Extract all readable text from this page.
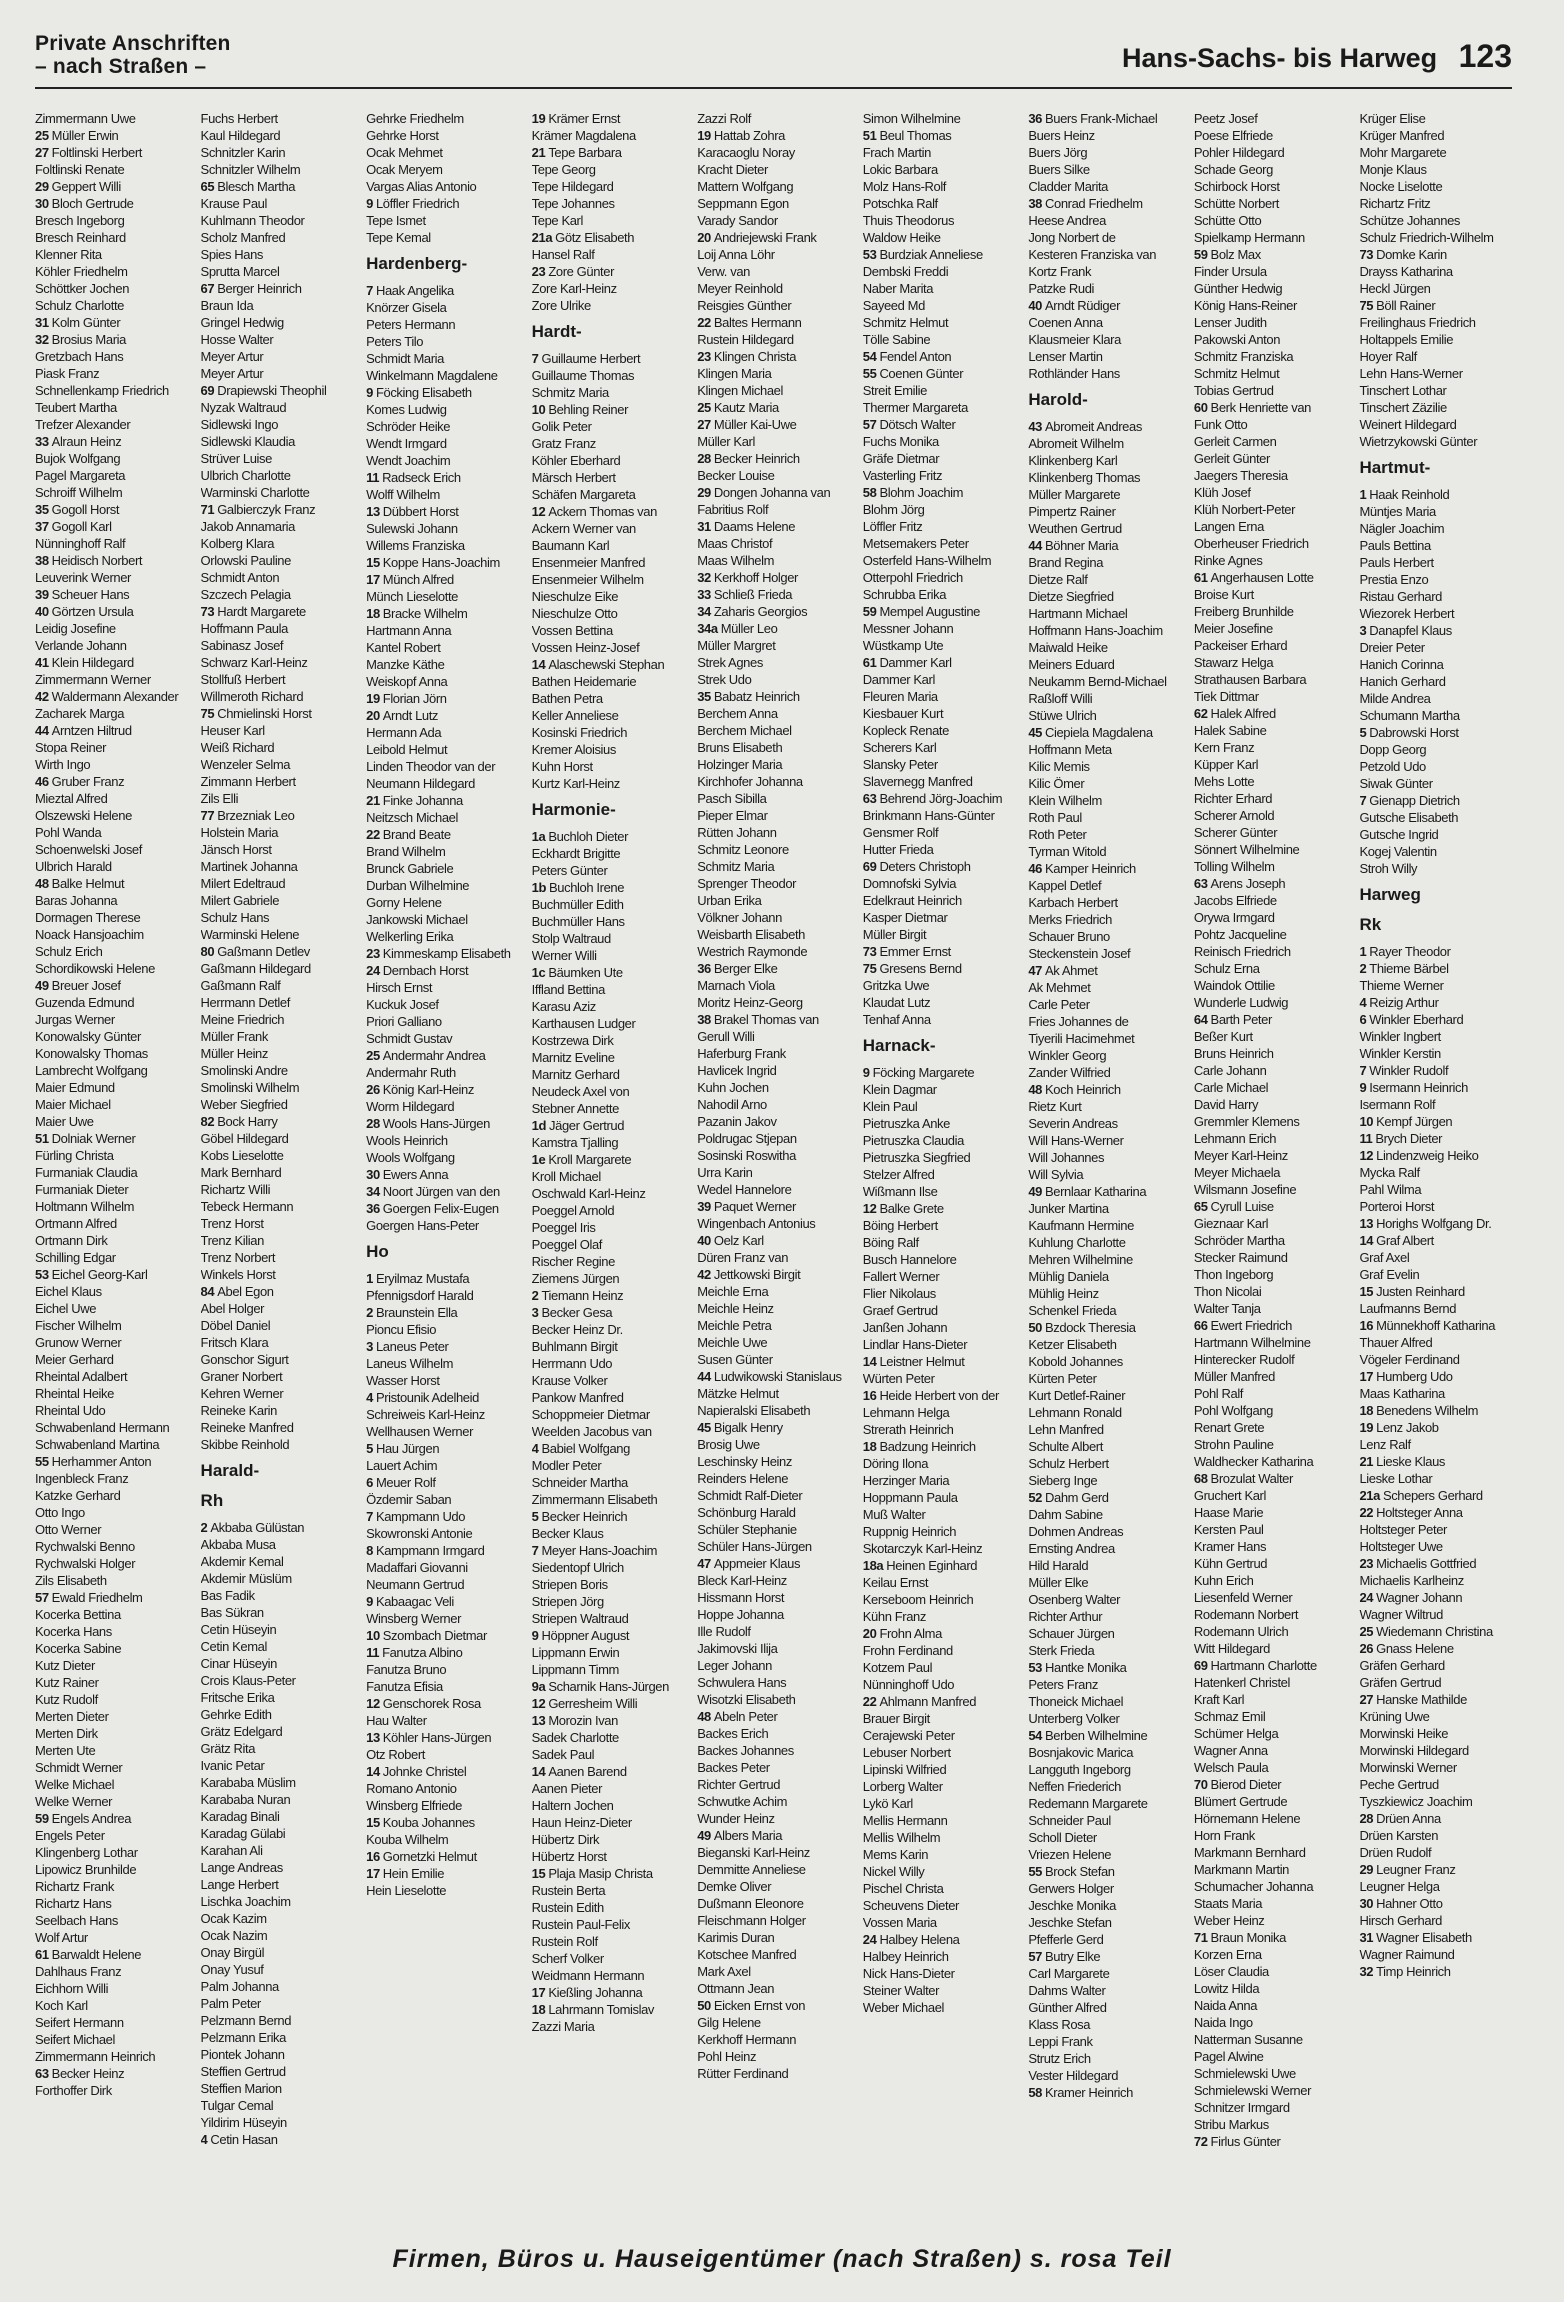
Private Anschriften
– nach Straßen –	Hans-Sachs- bis Harweg 123
Zimmermann Uwe
25 Müller Erwin
27 Foltlinski Herbert
Foltlinski Renate
29 Geppert Willi
30 Bloch Gertrude
Bresch Ingeborg
Bresch Reinhard
Klenner Rita
Köhler Friedhelm
Schöttker Jochen
Schulz Charlotte
31 Kolm Günter
32 Brosius Maria
Gretzbach Hans
Piask Franz
Schnellenkamp Friedrich
Teubert Martha
Trefzer Alexander
33 Alraun Heinz
Bujok Wolfgang
Pagel Margareta
Schroiff Wilhelm
35 Gogoll Horst
37 Gogoll Karl
Nünninghoff Ralf
38 Heidisch Norbert
Leuverink Werner
39 Scheuer Hans
40 Görtzen Ursula
Leidig Josefine
Verlande Johann
41 Klein Hildegard
Zimmermann Werner
42 Waldermann Alexander
Zacharek Marga
44 Arntzen Hiltrud
Stopa Reiner
Wirth Ingo
46 Gruber Franz
Mieztal Alfred
Olszewski Helene
Pohl Wanda
Schoenwelski Josef
Ulbrich Harald
48 Balke Helmut
Baras Johanna
Dormagen Therese
Noack Hansjoachim
Schulz Erich
Schordikowski Helene
49 Breuer Josef
Guzenda Edmund
Jurgas Werner
Konowalsky Günter
Konowalsky Thomas
Lambrecht Wolfgang
Maier Edmund
Maier Michael
Maier Uwe
51 Dolniak Werner
Fürling Christa
Furmaniak Claudia
Furmaniak Dieter
Holtmann Wilhelm
Ortmann Alfred
Ortmann Dirk
Schilling Edgar
53 Eichel Georg-Karl
Eichel Klaus
Eichel Uwe
Fischer Wilhelm
Grunow Werner
Meier Gerhard
Rheintal Adalbert
Rheintal Heike
Rheintal Udo
Schwabenland Hermann
Schwabenland Martina
55 Herhammer Anton
Ingenbleck Franz
Katzke Gerhard
Otto Ingo
Otto Werner
Rychwalski Benno
Rychwalski Holger
Zils Elisabeth
57 Ewald Friedhelm
Kocerka Bettina
Kocerka Hans
Kocerka Sabine
Kutz Dieter
Kutz Rainer
Kutz Rudolf
Merten Dieter
Merten Dirk
Merten Ute
Schmidt Werner
Welke Michael
Welke Werner
59 Engels Andrea
Engels Peter
Klingenberg Lothar
Lipowicz Brunhilde
Richartz Frank
Richartz Hans
Seelbach Hans
Wolf Artur
61 Barwaldt Helene
Dahlhaus Franz
Eichhorn Willi
Koch Karl
Seifert Hermann
Seifert Michael
Zimmermann Heinrich
63 Becker Heinz
Forthoffer Dirk
Fuchs Herbert
Kaul Hildegard
Schnitzler Karin
Schnitzler Wilhelm
65 Blesch Martha
Krause Paul
Kuhlmann Theodor
Scholz Manfred
Spies Hans
Sprutta Marcel
67 Berger Heinrich
Braun Ida
Gringel Hedwig
Hosse Walter
Meyer Artur
Meyer Artur
69 Drapiewski Theophil
Nyzak Waltraud
Sidlewski Ingo
Sidlewski Klaudia
Strüver Luise
Ulbrich Charlotte
Warminski Charlotte
71 Galbierczyk Franz
Jakob Annamaria
Kolberg Klara
Orlowski Pauline
Schmidt Anton
Szczech Pelagia
73 Hardt Margarete
Hoffmann Paula
Sabinasz Josef
Schwarz Karl-Heinz
Stollfuß Herbert
Willmeroth Richard
75 Chmielinski Horst
Heuser Karl
Weiß Richard
Wenzeler Selma
Zimmann Herbert
Zils Elli
77 Brzezniak Leo
Holstein Maria
Jänsch Horst
Martinek Johanna
Milert Edeltraud
Milert Gabriele
Schulz Hans
Warminski Helene
80 Gaßmann Detlev
Gaßmann Hildegard
Gaßmann Ralf
Herrmann Detlef
Meine Friedrich
Müller Frank
Müller Heinz
Smolinski Andre
Smolinski Wilhelm
Weber Siegfried
82 Bock Harry
Göbel Hildegard
Kobs Lieselotte
Mark Bernhard
Richartz Willi
Tebeck Hermann
Trenz Horst
Trenz Kilian
Trenz Norbert
Winkels Horst
84 Abel Egon
Abel Holger
Döbel Daniel
Fritsch Klara
Gonschor Sigurt
Graner Norbert
Kehren Werner
Reineke Karin
Reineke Manfred
Skibbe Reinhold
Harald-
Rh
2 Akbaba Gülüstan
Akbaba Musa
Akdemir Kemal
Akdemir Müslüm
Bas Fadik
Bas Sükran
Cetin Hüseyin
Cetin Kemal
Cinar Hüseyin
Crois Klaus-Peter
Fritsche Erika
Gehrke Edith
Grätz Edelgard
Grätz Rita
Ivanic Petar
Karababa Müslim
Karababa Nuran
Karadag Binali
Karadag Gülabi
Karahan Ali
Lange Andreas
Lange Herbert
Lischka Joachim
Ocak Kazim
Ocak Nazim
Onay Birgül
Onay Yusuf
Palm Johanna
Palm Peter
Pelzmann Bernd
Pelzmann Erika
Piontek Johann
Steffien Gertrud
Steffien Marion
Tulgar Cemal
Yildirim Hüseyin
4 Cetin Hasan
Gehrke Friedhelm
Gehrke Horst
Ocak Mehmet
Ocak Meryem
Vargas Alias Antonio
9 Löffler Friedrich
Tepe Ismet
Tepe Kemal
Hardenberg-
7 Haak Angelika
Knörzer Gisela
Peters Hermann
Peters Tilo
Schmidt Maria
Winkelmann Magdalene
9 Föcking Elisabeth
Komes Ludwig
Schröder Heike
Wendt Irmgard
Wendt Joachim
11 Radseck Erich
Wolff Wilhelm
13 Dübbert Horst
Sulewski Johann
Willems Franziska
15 Koppe Hans-Joachim
17 Münch Alfred
Münch Lieselotte
18 Bracke Wilhelm
Hartmann Anna
Kantel Robert
Manzke Käthe
Weiskopf Anna
19 Florian Jörn
20 Arndt Lutz
Hermann Ada
Leibold Helmut
Linden Theodor van der
Neumann Hildegard
21 Finke Johanna
Neitzsch Michael
22 Brand Beate
Brand Wilhelm
Brunck Gabriele
Durban Wilhelmine
Gorny Helene
Jankowski Michael
Welkerling Erika
23 Kimmeskamp Elisabeth
24 Dernbach Horst
Hirsch Ernst
Kuckuk Josef
Priori Galliano
Schmidt Gustav
25 Andermahr Andrea
Andermahr Ruth
26 König Karl-Heinz
Worm Hildegard
28 Wools Hans-Jürgen
Wools Heinrich
Wools Wolfgang
30 Ewers Anna
34 Noort Jürgen van den
36 Goergen Felix-Eugen
Goergen Hans-Peter
Ho
1 Eryilmaz Mustafa
Pfennigsdorf Harald
2 Braunstein Ella
Pioncu Efisio
3 Laneus Peter
Laneus Wilhelm
Wasser Horst
4 Pristounik Adelheid
Schreiweis Karl-Heinz
Wellhausen Werner
5 Hau Jürgen
Lauert Achim
6 Meuer Rolf
Özdemir Saban
7 Kampmann Udo
Skowronski Antonie
8 Kampmann Irmgard
Madaffari Giovanni
Neumann Gertrud
9 Kabaagac Veli
Winsberg Werner
10 Szombach Dietmar
11 Fanutza Albino
Fanutza Bruno
Fanutza Efisia
12 Genschorek Rosa
Hau Walter
13 Köhler Hans-Jürgen
Otz Robert
14 Johnke Christel
Romano Antonio
Winsberg Elfriede
15 Kouba Johannes
Kouba Wilhelm
16 Gornetzki Helmut
17 Hein Emilie
Hein Lieselotte
19 Krämer Ernst
Krämer Magdalena
21 Tepe Barbara
Tepe Georg
Tepe Hildegard
Tepe Johannes
Tepe Karl
21a Götz Elisabeth
Hansel Ralf
23 Zore Günter
Zore Karl-Heinz
Zore Ulrike
Hardt-
7 Guillaume Herbert
Guillaume Thomas
Schmitz Maria
10 Behling Reiner
Golik Peter
Gratz Franz
Köhler Eberhard
Märsch Herbert
Schäfen Margareta
12 Ackern Thomas van
Ackern Werner van
Baumann Karl
Ensenmeier Manfred
Ensenmeier Wilhelm
Nieschulze Eike
Nieschulze Otto
Vossen Bettina
Vossen Heinz-Josef
14 Alaschewski Stephan
Bathen Heidemarie
Bathen Petra
Keller Anneliese
Kosinski Friedrich
Kremer Aloisius
Kuhn Horst
Kurtz Karl-Heinz
Harmonie-
1a Buchloh Dieter
Eckhardt Brigitte
Peters Günter
1b Buchloh Irene
Buchmüller Edith
Buchmüller Hans
Stolp Waltraud
Werner Willi
1c Bäumken Ute
Iffland Bettina
Karasu Aziz
Karthausen Ludger
Kostrzewa Dirk
Marnitz Eveline
Marnitz Gerhard
Neudeck Axel von
Stebner Annette
1d Jäger Gertrud
Kamstra Tjalling
1e Kroll Margarete
Kroll Michael
Oschwald Karl-Heinz
Poeggel Arnold
Poeggel Iris
Poeggel Olaf
Rischer Regine
Ziemens Jürgen
2 Tiemann Heinz
3 Becker Gesa
Becker Heinz Dr.
Buhlmann Birgit
Herrmann Udo
Krause Volker
Pankow Manfred
Schoppmeier Dietmar
Weelden Jacobus van
4 Babiel Wolfgang
Modler Peter
Schneider Martha
Zimmermann Elisabeth
5 Becker Heinrich
Becker Klaus
7 Meyer Hans-Joachim
Siedentopf Ulrich
Striepen Boris
Striepen Jörg
Striepen Waltraud
9 Höppner August
Lippmann Erwin
Lippmann Timm
9a Scharnik Hans-Jürgen
12 Gerresheim Willi
13 Morozin Ivan
Sadek Charlotte
Sadek Paul
14 Aanen Barend
Aanen Pieter
Haltern Jochen
Haun Heinz-Dieter
Hübertz Dirk
Hübertz Horst
15 Plaja Masip Christa
Rustein Berta
Rustein Edith
Rustein Paul-Felix
Rustein Rolf
Scherf Volker
Weidmann Hermann
17 Kießling Johanna
18 Lahrmann Tomislav
Zazzi Maria
Zazzi Rolf
19 Hattab Zohra
Karacaoglu Noray
Kracht Dieter
Mattern Wolfgang
Seppmann Egon
Varady Sandor
20 Andriejewski Frank
Loij Anna Löhr
Verw. van
Meyer Reinhold
Reisgies Günther
22 Baltes Hermann
Rustein Hildegard
23 Klingen Christa
Klingen Maria
Klingen Michael
25 Kautz Maria
27 Müller Kai-Uwe
Müller Karl
28 Becker Heinrich
Becker Louise
29 Dongen Johanna van
Fabritius Rolf
31 Daams Helene
Maas Christof
Maas Wilhelm
32 Kerkhoff Holger
33 Schließ Frieda
34 Zaharis Georgios
34a Müller Leo
Müller Margret
Strek Agnes
Strek Udo
35 Babatz Heinrich
Berchem Anna
Berchem Michael
Bruns Elisabeth
Holzinger Maria
Kirchhofer Johanna
Pasch Sibilla
Pieper Elmar
Rütten Johann
Schmitz Leonore
Schmitz Maria
Sprenger Theodor
Urban Erika
Völkner Johann
Weisbarth Elisabeth
Westrich Raymonde
36 Berger Elke
Marnach Viola
Moritz Heinz-Georg
38 Brakel Thomas van
Gerull Willi
Haferburg Frank
Havlicek Ingrid
Kuhn Jochen
Nahodil Arno
Pazanin Jakov
Poldrugac Stjepan
Sosinski Roswitha
Urra Karin
Wedel Hannelore
39 Paquet Werner
Wingenbach Antonius
40 Oelz Karl
Düren Franz van
42 Jettkowski Birgit
Meichle Erna
Meichle Heinz
Meichle Petra
Meichle Uwe
Susen Günter
44 Ludwikowski Stanislaus
Mätzke Helmut
Napieralski Elisabeth
45 Bigalk Henry
Brosig Uwe
Leschinsky Heinz
Reinders Helene
Schmidt Ralf-Dieter
Schönburg Harald
Schüler Stephanie
Schüler Hans-Jürgen
47 Appmeier Klaus
Bleck Karl-Heinz
Hissmann Horst
Hoppe Johanna
Ille Rudolf
Jakimovski Ilija
Leger Johann
Schwulera Hans
Wisotzki Elisabeth
48 Abeln Peter
Backes Erich
Backes Johannes
Backes Peter
Richter Gertrud
Schwutke Achim
Wunder Heinz
49 Albers Maria
Bieganski Karl-Heinz
Demmitte Anneliese
Demke Oliver
Dußmann Eleonore
Fleischmann Holger
Karimis Duran
Kotschee Manfred
Mark Axel
Ottmann Jean
50 Eicken Ernst von
Gilg Helene
Kerkhoff Hermann
Pohl Heinz
Rütter Ferdinand
Simon Wilhelmine
51 Beul Thomas
Frach Martin
Lokic Barbara
Molz Hans-Rolf
Potschka Ralf
Thuis Theodorus
Waldow Heike
53 Burdziak Anneliese
Dembski Freddi
Naber Marita
Sayeed Md
Schmitz Helmut
Tölle Sabine
54 Fendel Anton
55 Coenen Günter
Streit Emilie
Thermer Margareta
57 Dötsch Walter
Fuchs Monika
Gräfe Dietmar
Vasterling Fritz
58 Blohm Joachim
Blohm Jörg
Löffler Fritz
Metsemakers Peter
Osterfeld Hans-Wilhelm
Otterpohl Friedrich
Schrubba Erika
59 Mempel Augustine
Messner Johann
Wüstkamp Ute
61 Dammer Karl
Dammer Karl
Fleuren Maria
Kiesbauer Kurt
Kopleck Renate
Scherers Karl
Slansky Peter
Slavernegg Manfred
63 Behrend Jörg-Joachim
Brinkmann Hans-Günter
Gensmer Rolf
Hutter Frieda
69 Deters Christoph
Domnofski Sylvia
Edelkraut Heinrich
Kasper Dietmar
Müller Birgit
73 Emmer Ernst
75 Gresens Bernd
Gritzka Uwe
Klaudat Lutz
Tenhaf Anna
Harnack-
9 Föcking Margarete
Klein Dagmar
Klein Paul
Pietruszka Anke
Pietruszka Claudia
Pietruszka Siegfried
Stelzer Alfred
Wißmann Ilse
12 Balke Grete
Böing Herbert
Böing Ralf
Busch Hannelore
Fallert Werner
Flier Nikolaus
Graef Gertrud
Janßen Johann
Lindlar Hans-Dieter
14 Leistner Helmut
Würten Peter
16 Heide Herbert von der
Lehmann Helga
Strerath Heinrich
18 Badzung Heinrich
Döring Ilona
Herzinger Maria
Hoppmann Paula
Muß Walter
Ruppnig Heinrich
Skotarczyk Karl-Heinz
18a Heinen Eginhard
Keilau Ernst
Kerseboom Heinrich
Kühn Franz
20 Frohn Alma
Frohn Ferdinand
Kotzem Paul
Nünninghoff Udo
22 Ahlmann Manfred
Brauer Birgit
Cerajewski Peter
Lebuser Norbert
Lipinski Wilfried
Lorberg Walter
Lykö Karl
Mellis Hermann
Mellis Wilhelm
Mems Karin
Nickel Willy
Pischel Christa
Scheuvens Dieter
Vossen Maria
24 Halbey Helena
Halbey Heinrich
Nick Hans-Dieter
Steiner Walter
Weber Michael
36 Buers Frank-Michael
Buers Heinz
Buers Jörg
Buers Silke
Cladder Marita
38 Conrad Friedhelm
Heese Andrea
Jong Norbert de
Kesteren Franziska van
Kortz Frank
Patzke Rudi
40 Arndt Rüdiger
Coenen Anna
Klausmeier Klara
Lenser Martin
Rothländer Hans
Harold-
43 Abromeit Andreas
Abromeit Wilhelm
Klinkenberg Karl
Klinkenberg Thomas
Müller Margarete
Pimpertz Rainer
Weuthen Gertrud
44 Böhner Maria
Brand Regina
Dietze Ralf
Dietze Siegfried
Hartmann Michael
Hoffmann Hans-Joachim
Maiwald Heike
Meiners Eduard
Neukamm Bernd-Michael
Raßloff Willi
Stüwe Ulrich
45 Ciepiela Magdalena
Hoffmann Meta
Kilic Memis
Kilic Ömer
Klein Wilhelm
Roth Paul
Roth Peter
Tyrman Witold
46 Kamper Heinrich
Kappel Detlef
Karbach Herbert
Merks Friedrich
Schauer Bruno
Steckenstein Josef
47 Ak Ahmet
Ak Mehmet
Carle Peter
Fries Johannes de
Tiyerili Hacimehmet
Winkler Georg
Zander Wilfried
48 Koch Heinrich
Rietz Kurt
Severin Andreas
Will Hans-Werner
Will Johannes
Will Sylvia
49 Bernlaar Katharina
Junker Martina
Kaufmann Hermine
Kuhlung Charlotte
Mehren Wilhelmine
Mühlig Daniela
Mühlig Heinz
Schenkel Frieda
50 Bzdock Theresia
Ketzer Elisabeth
Kobold Johannes
Kürten Peter
Kurt Detlef-Rainer
Lehmann Ronald
Lehn Manfred
Schulte Albert
Schulz Herbert
Sieberg Inge
52 Dahm Gerd
Dahm Sabine
Dohmen Andreas
Ernsting Andrea
Hild Harald
Müller Elke
Osenberg Walter
Richter Arthur
Schauer Jürgen
Sterk Frieda
53 Hantke Monika
Peters Franz
Thoneick Michael
Unterberg Volker
54 Berben Wilhelmine
Bosnjakovic Marica
Langguth Ingeborg
Neffen Friederich
Redemann Margarete
Schneider Paul
Scholl Dieter
Vriezen Helene
55 Brock Stefan
Gerwers Holger
Jeschke Monika
Jeschke Stefan
Pfefferle Gerd
57 Butry Elke
Carl Margarete
Dahms Walter
Günther Alfred
Klass Rosa
Leppi Frank
Strutz Erich
Vester Hildegard
58 Kramer Heinrich
Peetz Josef
Poese Elfriede
Pohler Hildegard
Schade Georg
Schirbock Horst
Schütte Norbert
Schütte Otto
Spielkamp Hermann
59 Bolz Max
Finder Ursula
Günther Hedwig
König Hans-Reiner
Lenser Judith
Pakowski Anton
Schmitz Franziska
Schmitz Helmut
Tobias Gertrud
60 Berk Henriette van
Funk Otto
Gerleit Carmen
Gerleit Günter
Jaegers Theresia
Klüh Josef
Klüh Norbert-Peter
Langen Erna
Oberheuser Friedrich
Rinke Agnes
61 Angerhausen Lotte
Broise Kurt
Freiberg Brunhilde
Meier Josefine
Packeiser Erhard
Stawarz Helga
Strathausen Barbara
Tiek Dittmar
62 Halek Alfred
Halek Sabine
Kern Franz
Küpper Karl
Mehs Lotte
Richter Erhard
Scherer Arnold
Scherer Günter
Sönnert Wilhelmine
Tolling Wilhelm
63 Arens Joseph
Jacobs Elfriede
Orywa Irmgard
Pohtz Jacqueline
Reinisch Friedrich
Schulz Erna
Waindok Ottilie
Wunderle Ludwig
64 Barth Peter
Beßer Kurt
Bruns Heinrich
Carle Johann
Carle Michael
David Harry
Gremmler Klemens
Lehmann Erich
Meyer Karl-Heinz
Meyer Michaela
Wilsmann Josefine
65 Cyrull Luise
Gieznaar Karl
Schröder Martha
Stecker Raimund
Thon Ingeborg
Thon Nicolai
Walter Tanja
66 Ewert Friedrich
Hartmann Wilhelmine
Hinterecker Rudolf
Müller Manfred
Pohl Ralf
Pohl Wolfgang
Renart Grete
Strohn Pauline
Waldhecker Katharina
68 Brozulat Walter
Gruchert Karl
Haase Marie
Kersten Paul
Kramer Hans
Kühn Gertrud
Kuhn Erich
Liesenfeld Werner
Rodemann Norbert
Rodemann Ulrich
Witt Hildegard
69 Hartmann Charlotte
Hatenkerl Christel
Kraft Karl
Schmaz Emil
Schümer Helga
Wagner Anna
Welsch Paula
70 Bierod Dieter
Blümert Gertrude
Hörnemann Helene
Horn Frank
Markmann Bernhard
Markmann Martin
Schumacher Johanna
Staats Maria
Weber Heinz
71 Braun Monika
Korzen Erna
Löser Claudia
Lowitz Hilda
Naida Anna
Naida Ingo
Natterman Susanne
Pagel Alwine
Schmielewski Uwe
Schmielewski Werner
Schnitzer Irmgard
Stribu Markus
72 Firlus Günter
Krüger Elise
Krüger Manfred
Mohr Margarete
Monje Klaus
Nocke Liselotte
Richartz Fritz
Schütze Johannes
Schulz Friedrich-Wilhelm
73 Domke Karin
Drayss Katharina
Heckl Jürgen
75 Böll Rainer
Freilinghaus Friedrich
Holtappels Emilie
Hoyer Ralf
Lehn Hans-Werner
Tinschert Lothar
Tinschert Zäzilie
Weinert Hildegard
Wietrzykowski Günter
Hartmut-
1 Haak Reinhold
Müntjes Maria
Nägler Joachim
Pauls Bettina
Pauls Herbert
Prestia Enzo
Ristau Gerhard
Wiezorek Herbert
3 Danapfel Klaus
Dreier Peter
Hanich Corinna
Hanich Gerhard
Milde Andrea
Schumann Martha
5 Dabrowski Horst
Dopp Georg
Petzold Udo
Siwak Günter
7 Gienapp Dietrich
Gutsche Elisabeth
Gutsche Ingrid
Kogej Valentin
Stroh Willy
Harweg
Rk
1 Rayer Theodor
2 Thieme Bärbel
Thieme Werner
4 Reizig Arthur
6 Winkler Eberhard
Winkler Ingbert
Winkler Kerstin
7 Winkler Rudolf
9 Isermann Heinrich
Isermann Rolf
10 Kempf Jürgen
11 Brych Dieter
12 Lindenzweig Heiko
Mycka Ralf
Pahl Wilma
Porteroi Horst
13 Horighs Wolfgang Dr.
14 Graf Albert
Graf Axel
Graf Evelin
15 Justen Reinhard
Laufmanns Bernd
16 Münnekhoff Katharina
Thauer Alfred
Vögeler Ferdinand
17 Humberg Udo
Maas Katharina
18 Benedens Wilhelm
19 Lenz Jakob
Lenz Ralf
21 Lieske Klaus
Lieske Lothar
21a Schepers Gerhard
22 Holtsteger Anna
Holtsteger Peter
Holtsteger Uwe
23 Michaelis Gottfried
Michaelis Karlheinz
24 Wagner Johann
Wagner Wiltrud
25 Wiedemann Christina
26 Gnass Helene
Gräfen Gerhard
Gräfen Gertrud
27 Hanske Mathilde
Krüning Uwe
Morwinski Heike
Morwinski Hildegard
Morwinski Werner
Peche Gertrud
Tyszkiewicz Joachim
28 Drüen Anna
Drüen Karsten
Drüen Rudolf
29 Leugner Franz
Leugner Helga
30 Hahner Otto
Hirsch Gerhard
31 Wagner Elisabeth
Wagner Raimund
32 Timp Heinrich
Firmen, Büros u. Hauseigentümer (nach Straßen) s. rosa Teil
